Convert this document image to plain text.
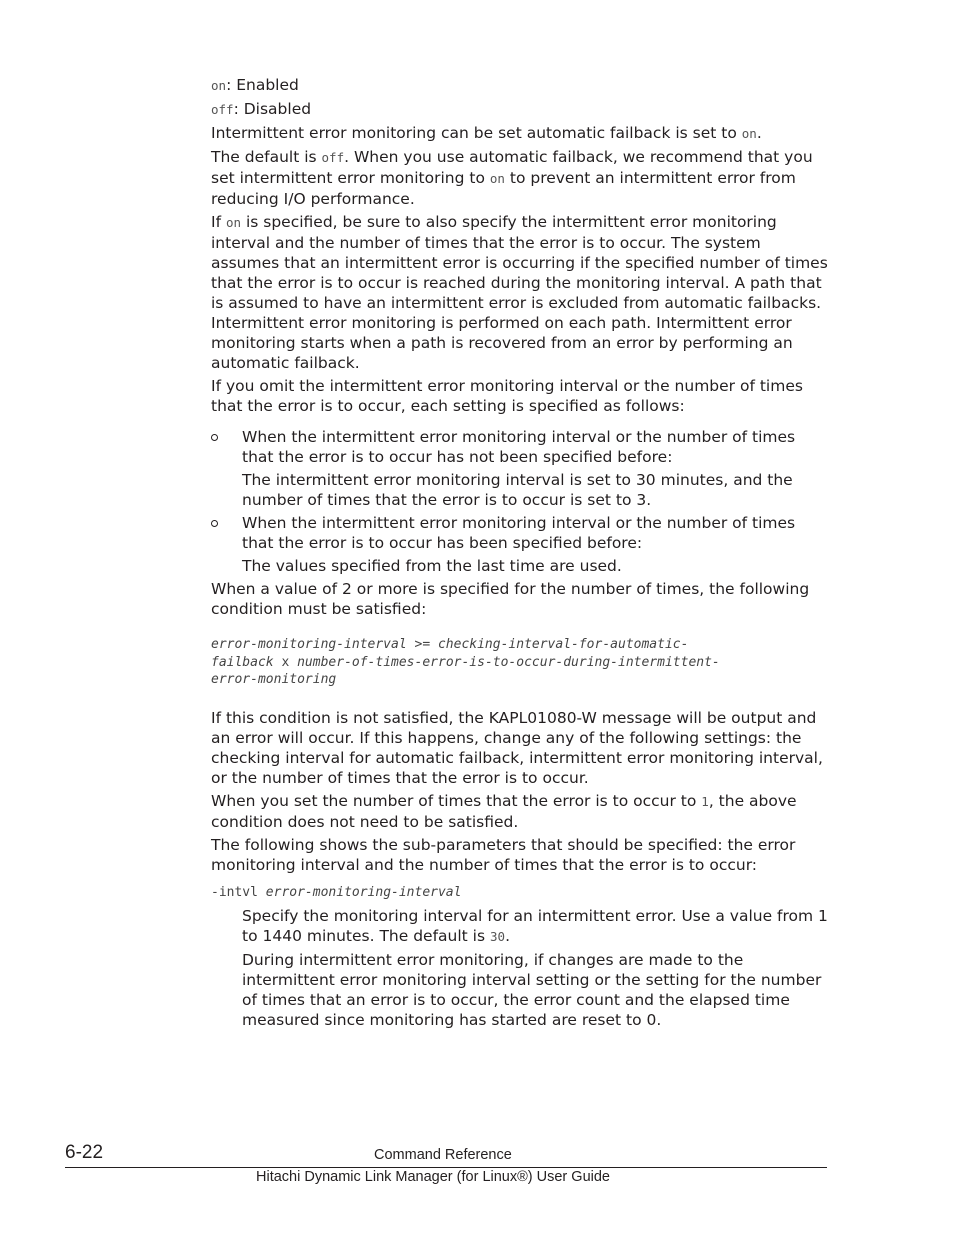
on: Enabled

off: Disabled

Intermittent error monitoring can be set automatic failback is set to on.

The default is off. When you use automatic failback, we recommend that you set intermittent error monitoring to on to prevent an intermittent error from reducing I/O performance.

If on is specified, be sure to also specify the intermittent error monitoring interval and the number of times that the error is to occur. The system assumes that an intermittent error is occurring if the specified number of times that the error is to occur is reached during the monitoring interval. A path that is assumed to have an intermittent error is excluded from automatic failbacks. Intermittent error monitoring is performed on each path. Intermittent error monitoring starts when a path is recovered from an error by performing an automatic failback.

If you omit the intermittent error monitoring interval or the number of times that the error is to occur, each setting is specified as follows:

When the intermittent error monitoring interval or the number of times that the error is to occur has not been specified before:

The intermittent error monitoring interval is set to 30 minutes, and the number of times that the error is to occur is set to 3.

When the intermittent error monitoring interval or the number of times that the error is to occur has been specified before:

The values specified from the last time are used.

When a value of 2 or more is specified for the number of times, the following condition must be satisfied:

error-monitoring-interval >= checking-interval-for-automatic-
failback x number-of-times-error-is-to-occur-during-intermittent-
error-monitoring

If this condition is not satisfied, the KAPL01080-W message will be output and an error will occur. If this happens, change any of the following settings: the checking interval for automatic failback, intermittent error monitoring interval, or the number of times that the error is to occur.

When you set the number of times that the error is to occur to 1, the above condition does not need to be satisfied.

The following shows the sub-parameters that should be specified: the error monitoring interval and the number of times that the error is to occur:

-intvl error-monitoring-interval

Specify the monitoring interval for an intermittent error. Use a value from 1 to 1440 minutes. The default is 30.

During intermittent error monitoring, if changes are made to the intermittent error monitoring interval setting or the setting for the number of times that an error is to occur, the error count and the elapsed time measured since monitoring has started are reset to 0.

6-22	Command Reference
Hitachi Dynamic Link Manager (for Linux®) User Guide
